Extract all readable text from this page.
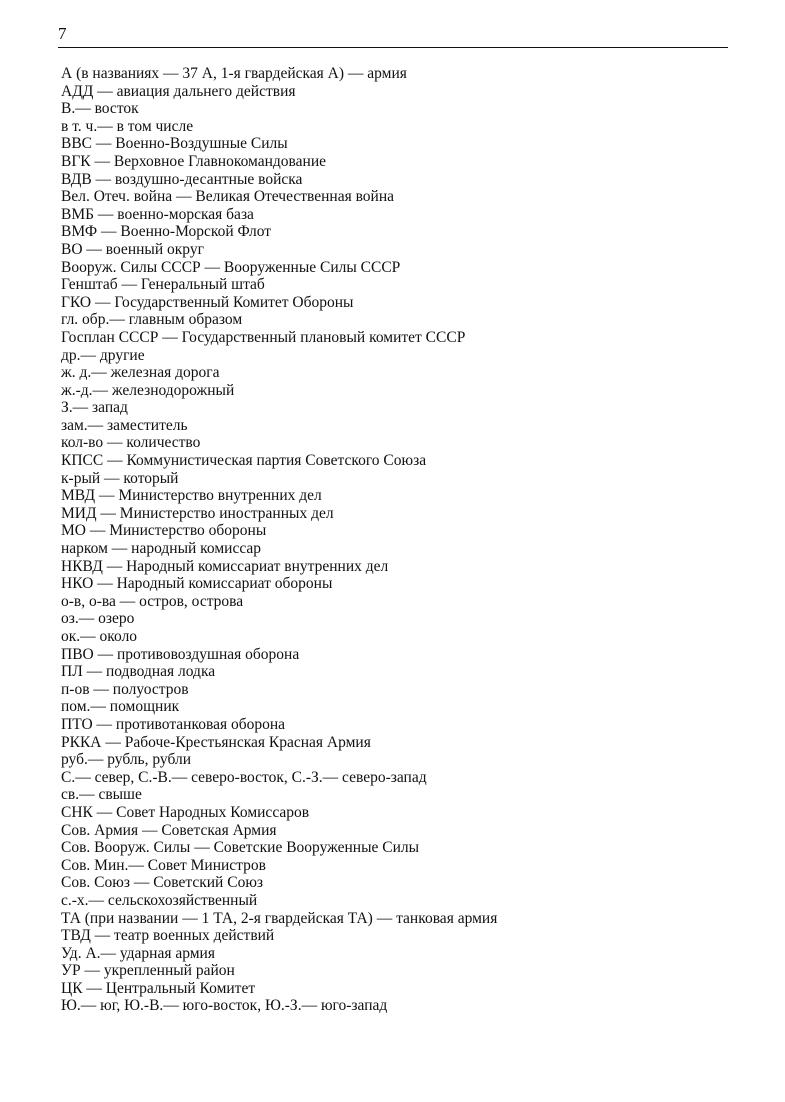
7
А (в названиях — 37 А, 1-я гвардейская А) — армия
АДД — авиация дальнего действия
В.— восток
в т. ч.— в том числе
ВВС — Военно-Воздушные Силы
ВГК — Верховное Главнокомандование
ВДВ — воздушно-десантные войска
Вел. Отеч. война — Великая Отечественная война
ВМБ — военно-морская база
ВМФ — Военно-Морской Флот
ВО — военный округ
Вооруж. Силы СССР — Вооруженные Силы СССР
Генштаб — Генеральный штаб
ГКО — Государственный Комитет Обороны
гл. обр.— главным образом
Госплан СССР — Государственный плановый комитет СССР
др.— другие
ж. д.— железная дорога
ж.-д.— железнодорожный
З.— запад
зам.— заместитель
кол-во — количество
КПСС — Коммунистическая партия Советского Союза
к-рый — который
МВД — Министерство внутренних дел
МИД — Министерство иностранных дел
МО — Министерство обороны
нарком — народный комиссар
НКВД — Народный комиссариат внутренних дел
НКО — Народный комиссариат обороны
о-в, о-ва — остров, острова
оз.— озеро
ок.— около
ПВО — противовоздушная оборона
ПЛ — подводная лодка
п-ов — полуостров
пом.— помощник
ПТО — противотанковая оборона
РККА — Рабоче-Крестьянская Красная Армия
руб.— рубль, рубли
С.— север, С.-В.— северо-восток, С.-З.— северо-запад
св.— свыше
СНК — Совет Народных Комиссаров
Сов. Армия — Советская Армия
Сов. Вооруж. Силы — Советские Вооруженные Силы
Сов. Мин.— Совет Министров
Сов. Союз — Советский Союз
с.-х.— сельскохозяйственный
ТА (при названии — 1 ТА, 2-я гвардейская ТА) — танковая армия
ТВД — театр военных действий
Уд. А.— ударная армия
УР — укрепленный район
ЦК — Центральный Комитет
Ю.— юг, Ю.-В.— юго-восток, Ю.-З.— юго-запад
